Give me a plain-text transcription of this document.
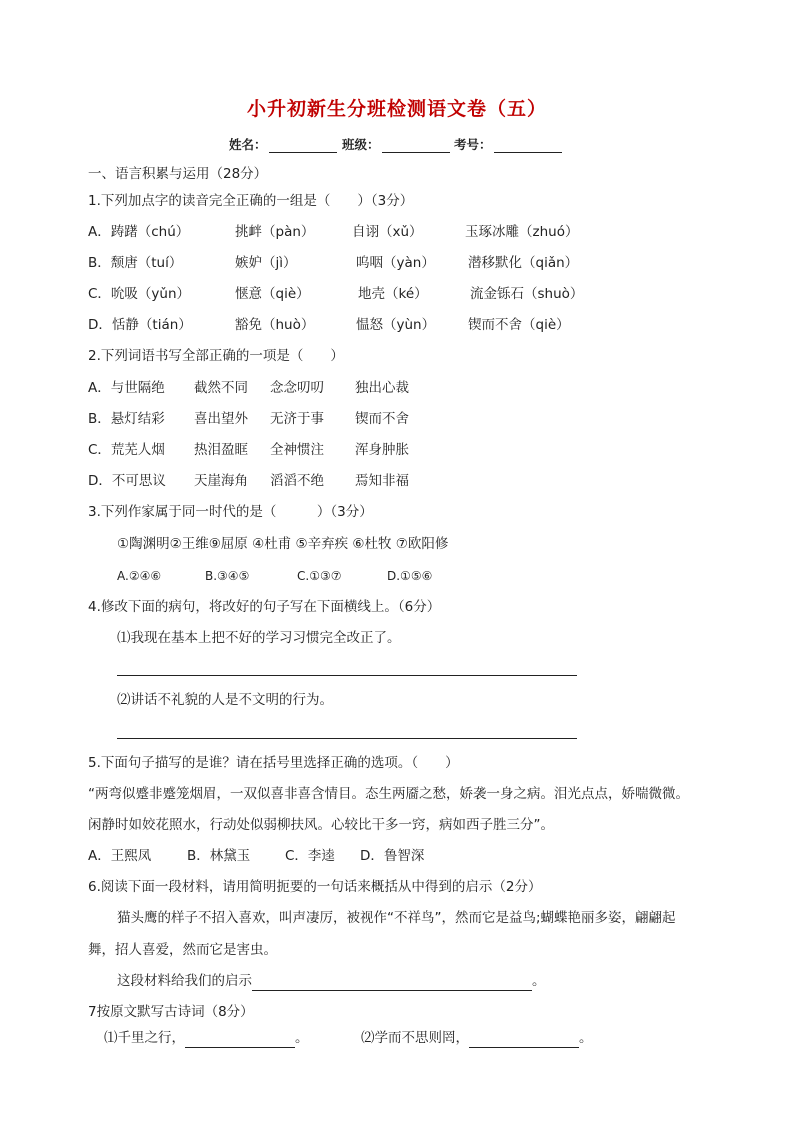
小升初新生分班检测语文卷（五）
姓名：	班级：	考号：
一、语言积累与运用（28分）
1.下列加点字的读音完全正确的一组是（　　）（3分）
A．踌躇（chú）	挑衅（pàn）	自诩（xǔ）	玉琢冰雕（zhuó）
B．颓唐（tuí）	嫉妒（jì）	呜咽（yàn） 潜移默化（qiǎn）
C．吮吸（yǔn）	惬意（qiè）	地壳（ké）	流金铄石（shuò）
D．恬静（tián）	豁免（huò）	愠怒（yùn） 锲而不舍（qiè）
2.下列词语书写全部正确的一项是（　　）
A．与世隔绝 截然不同 念念叨叨 独出心裁
B．悬灯结彩 喜出望外 无济于事 锲而不舍
C．荒芜人烟 热泪盈眶 全神惯注 浑身肿胀
D．不可思议 天崖海角 滔滔不绝 焉知非福
3.下列作家属于同一时代的是（　　　）（3分）
①陶渊明②王维⑨屈原 ④杜甫 ⑤辛弃疾 ⑥杜牧 ⑦欧阳修
A.②④⑥	B.③④⑤	C.①③⑦	D.①⑤⑥
4.修改下面的病句，将改好的句子写在下面横线上。（6分）
⑴我现在基本上把不好的学习习惯完全改正了。
⑵讲话不礼貌的人是不文明的行为。
5.下面句子描写的是谁？请在括号里选择正确的选项。（　　）
“两弯似蹙非蹙笼烟眉，一双似喜非喜含情目。态生两靥之愁，娇袭一身之病。泪光点点，娇喘微微。
闲静时如姣花照水，行动处似弱柳扶风。心较比干多一窍，病如西子胜三分”。
A．王熙凤	B．林黛玉	C．李逵 D．鲁智深
6.阅读下面一段材料，请用简明扼要的一句话来概括从中得到的启示（2分）
猫头鹰的样子不招入喜欢，叫声凄厉，被视作“不祥鸟”，然而它是益鸟;蝴蝶艳丽多姿，翩翩起
舞，招人喜爱，然而它是害虫。
这段材料给我们的启示	。
7按原文默写古诗词（8分）
⑴千里之行，	。	⑵学而不思则罔，	。
